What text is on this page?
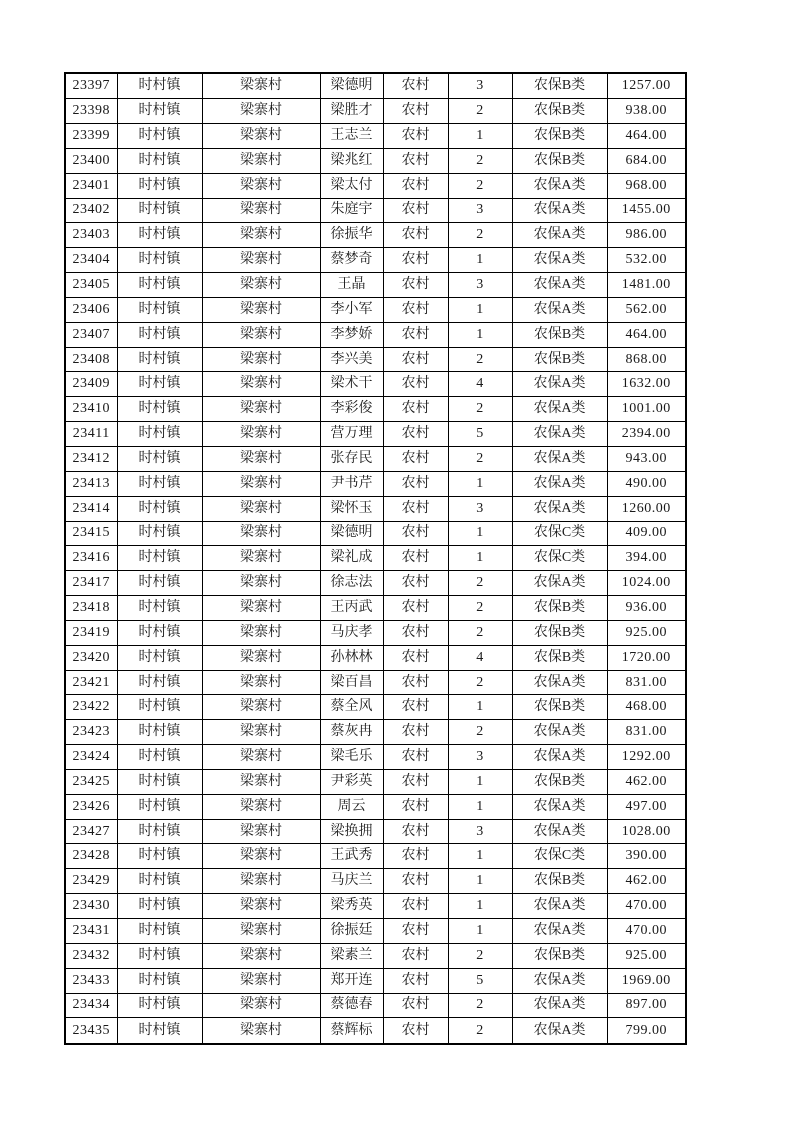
23397	时村镇	梁寨村	梁德明	农村	3	农保B类	1257.00
23398	时村镇	梁寨村	梁胜才	农村	2	农保B类	938.00
23399	时村镇	梁寨村	王志兰	农村	1	农保B类	464.00
23400	时村镇	梁寨村	梁兆红	农村	2	农保B类	684.00
23401	时村镇	梁寨村	梁太付	农村	2	农保A类	968.00
23402	时村镇	梁寨村	朱庭宇	农村	3	农保A类	1455.00
23403	时村镇	梁寨村	徐振华	农村	2	农保A类	986.00
23404	时村镇	梁寨村	蔡梦奇	农村	1	农保A类	532.00
23405	时村镇	梁寨村	王晶	农村	3	农保A类	1481.00
23406	时村镇	梁寨村	李小军	农村	1	农保A类	562.00
23407	时村镇	梁寨村	李梦娇	农村	1	农保B类	464.00
23408	时村镇	梁寨村	李兴美	农村	2	农保B类	868.00
23409	时村镇	梁寨村	梁术干	农村	4	农保A类	1632.00
23410	时村镇	梁寨村	李彩俊	农村	2	农保A类	1001.00
23411	时村镇	梁寨村	营万理	农村	5	农保A类	2394.00
23412	时村镇	梁寨村	张存民	农村	2	农保A类	943.00
23413	时村镇	梁寨村	尹书芹	农村	1	农保A类	490.00
23414	时村镇	梁寨村	梁怀玉	农村	3	农保A类	1260.00
23415	时村镇	梁寨村	梁德明	农村	1	农保C类	409.00
23416	时村镇	梁寨村	梁礼成	农村	1	农保C类	394.00
23417	时村镇	梁寨村	徐志法	农村	2	农保A类	1024.00
23418	时村镇	梁寨村	王丙武	农村	2	农保B类	936.00
23419	时村镇	梁寨村	马庆孝	农村	2	农保B类	925.00
23420	时村镇	梁寨村	孙林林	农村	4	农保B类	1720.00
23421	时村镇	梁寨村	梁百昌	农村	2	农保A类	831.00
23422	时村镇	梁寨村	蔡全风	农村	1	农保B类	468.00
23423	时村镇	梁寨村	蔡灰冉	农村	2	农保A类	831.00
23424	时村镇	梁寨村	梁毛乐	农村	3	农保A类	1292.00
23425	时村镇	梁寨村	尹彩英	农村	1	农保B类	462.00
23426	时村镇	梁寨村	周云	农村	1	农保A类	497.00
23427	时村镇	梁寨村	梁换拥	农村	3	农保A类	1028.00
23428	时村镇	梁寨村	王武秀	农村	1	农保C类	390.00
23429	时村镇	梁寨村	马庆兰	农村	1	农保B类	462.00
23430	时村镇	梁寨村	梁秀英	农村	1	农保A类	470.00
23431	时村镇	梁寨村	徐振廷	农村	1	农保A类	470.00
23432	时村镇	梁寨村	梁素兰	农村	2	农保B类	925.00
23433	时村镇	梁寨村	郑开连	农村	5	农保A类	1969.00
23434	时村镇	梁寨村	蔡德春	农村	2	农保A类	897.00
23435	时村镇	梁寨村	蔡辉标	农村	2	农保A类	799.00
